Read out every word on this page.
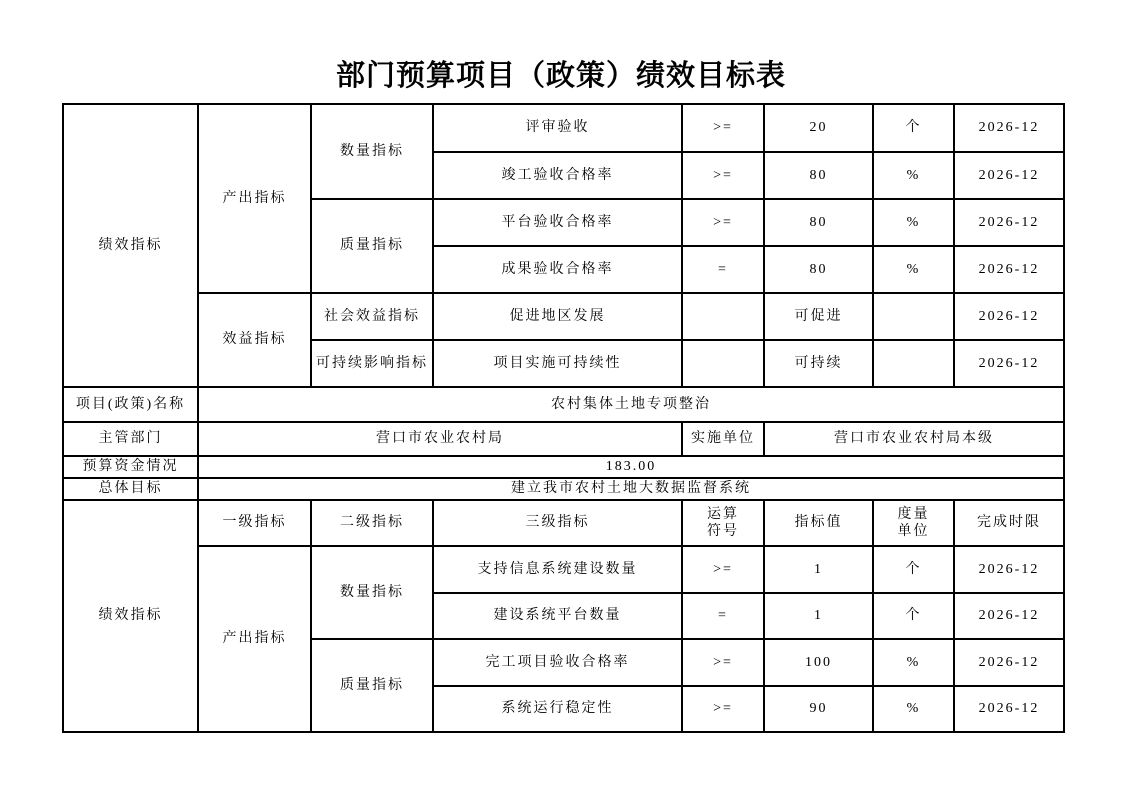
部门预算项目（政策）绩效目标表
绩效指标	产出指标	数量指标	评审验收	>=	20	个	2026-12
			竣工验收合格率	>=	80	%	2026-12
		质量指标	平台验收合格率	>=	80	%	2026-12
			成果验收合格率	=	80	%	2026-12
	效益指标	社会效益指标	促进地区发展		可促进		2026-12
		可持续影响指标	项目实施可持续性		可持续		2026-12
项目(政策)名称	农村集体土地专项整治						
主管部门	营口市农业农村局			实施单位	营口市农业农村局本级		
预算资金情况	183.00						
总体目标	建立我市农村土地大数据监督系统						
绩效指标	一级指标	二级指标	三级指标	运算符号	指标值	度量单位	完成时限
	产出指标	数量指标	支持信息系统建设数量	>=	1	个	2026-12
			建设系统平台数量	=	1	个	2026-12
		质量指标	完工项目验收合格率	>=	100	%	2026-12
			系统运行稳定性	>=	90	%	2026-12
